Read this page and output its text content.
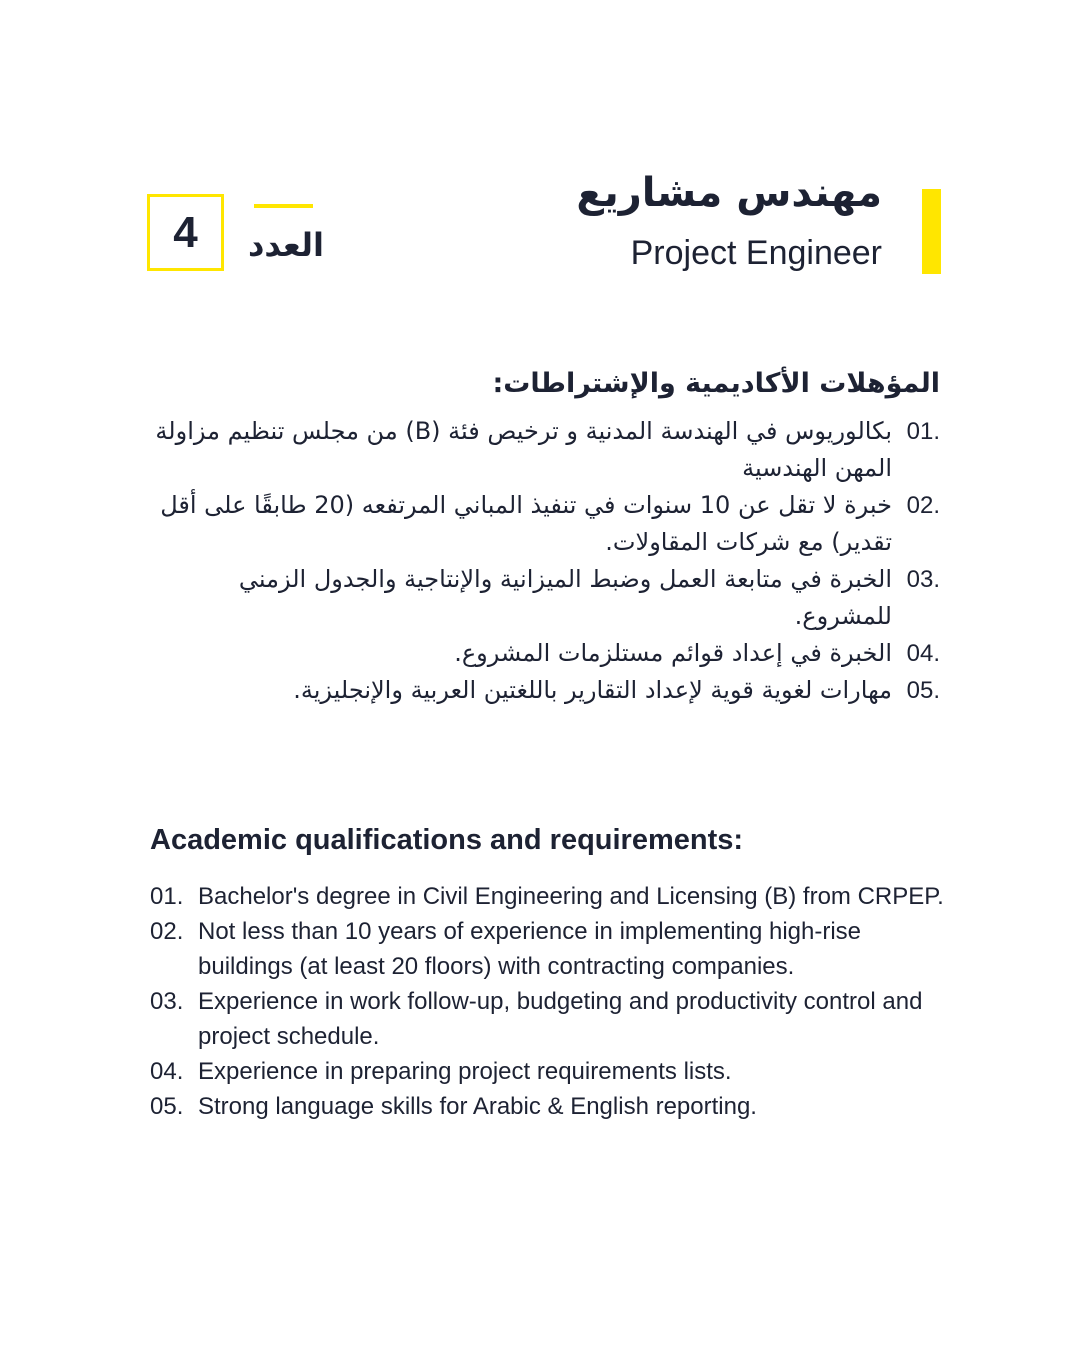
مهندس مشاريع
Project Engineer
العدد
4
المؤهلات الأكاديمية والإشتراطات:
01.
بكالوريوس في الهندسة المدنية و ترخيص فئة (B) من مجلس تنظيم مزاولة المهن الهندسية
02.
خبرة لا تقل عن 10 سنوات في تنفيذ المباني المرتفعه (20 طابقًا على أقل تقدير) مع شركات المقاولات.
03.
الخبرة في متابعة العمل وضبط الميزانية والإنتاجية والجدول الزمني للمشروع.
04.
الخبرة في إعداد قوائم مستلزمات المشروع.
05.
مهارات لغوية قوية لإعداد التقارير باللغتين العربية والإنجليزية.
Academic qualifications and requirements:
01. Bachelor's degree in Civil Engineering and Licensing (B) from CRPEP.
02. Not less than 10 years of experience in implementing high-rise buildings (at least 20 floors) with contracting companies.
03. Experience in work follow-up, budgeting and productivity control and project schedule.
04. Experience in preparing project requirements lists.
05. Strong language skills for Arabic & English reporting.
